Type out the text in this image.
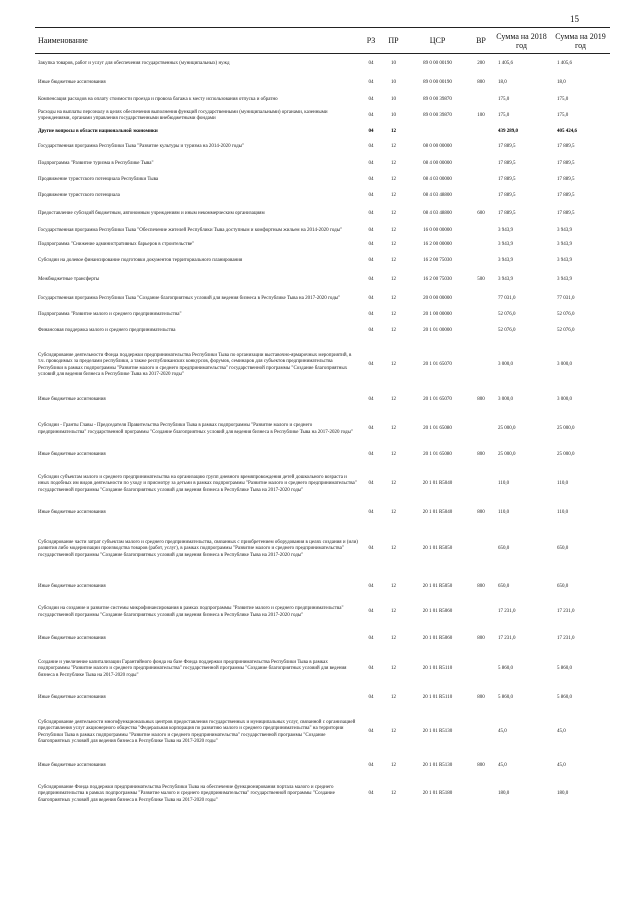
15
Наименование	РЗ	ПР	ЦСР	ВР	Сумма на 2018 год	Сумма на 2019 год
Закупка товаров, работ и услуг для обеспечения государственных (муниципальных) нужд	04	10	89 0 00 00190	200	1 405,6	1 405,6
Иные бюджетные ассигнования	04	10	89 0 00 00190	800	18,0	18,0
Компенсация расходов на оплату стоимости проезда и провоза багажа к месту использования отпуска и обратно	04	10	89 0 00 39870		175,0	175,0
Расходы на выплаты персоналу в целях обеспечения выполнения функций государственными (муниципальными) органами, казенными учреждениями, органами управления государственными внебюджетными фондами	04	10	89 0 00 39870	100	175,0	175,0
Другие вопросы в области национальной экономики	04	12			439 289,0	405 424,6
Государственная программа Республики Тыва "Развитие культуры и туризма на 2014-2020 годы"	04	12	08 0 00 00000		17 889,5	17 889,5
Подпрограмма "Развитие туризма в Республике Тыва"	04	12	08 4 00 00000		17 889,5	17 889,5
Продвижение туристского потенциала Республики Тыва	04	12	08 4 03 00000		17 889,5	17 889,5
Продвижение туристского потенциала	04	12	08 4 03 48800		17 889,5	17 889,5
Предоставление субсидий бюджетным, автономным учреждениям и иным некоммерческим организациям	04	12	08 4 03 48800	600	17 889,5	17 889,5
Государственная программа Республики Тыва "Обеспечение жителей Республики Тыва доступным и комфортным жильем на 2014-2020 годы"	04	12	16 0 00 00000		3 943,9	3 943,9
Подпрограмма "Снижение административных барьеров в строительстве"	04	12	16 2 00 00000		3 943,9	3 943,9
Субсидии на долевое финансирование подготовки документов территориального планирования	04	12	16 2 00 75030		3 943,9	3 943,9
Межбюджетные трансферты	04	12	16 2 00 75030	500	3 943,9	3 943,9
Государственная программа Республики Тыва "Создание благоприятных условий для ведения бизнеса в Республике Тыва на 2017-2020 годы"	04	12	20 0 00 00000		77 031,0	77 031,0
Подпрограмма "Развитие малого и среднего предпринимательства"	04	12	20 1 00 00000		52 076,0	52 076,0
Финансовая поддержка малого и среднего предпринимательства	04	12	20 1 01 00000		52 076,0	52 076,0
Субсидирование деятельности Фонда поддержки предпринимательства Республики Тыва по организации выставочно-ярмарочных мероприятий, в т.ч. проводимых за пределами республики, а также республиканских конкурсов, форумов, семинаров для субъектов предпринимательства Республики в рамках подпрограммы "Развитие малого и среднего предпринимательства" государственной программы "Создание благоприятных условий для ведения бизнеса в Республике Тыва на 2017-2020 годы"	04	12	20 1 01 65070		3 000,0	3 000,0
Иные бюджетные ассигнования	04	12	20 1 01 65070	800	3 000,0	3 000,0
Субсидии - Гранты Главы - Председателя Правительства Республики Тыва в рамках подпрограммы "Развитие малого и среднего предпринимательства" государственной программы "Создание благоприятных условий для ведения бизнеса в Республике Тыва на 2017-2020 годы"	04	12	20 1 01 65080		25 000,0	25 000,0
Иные бюджетные ассигнования	04	12	20 1 01 65080	800	25 000,0	25 000,0
Субсидии субъектам малого и среднего предпринимательства на организацию групп дневного времяпровождения детей дошкольного возраста и иных подобных им видов деятельности по уходу и присмотру за детьми в рамках подпрограммы "Развитие малого и среднего предпринимательства" государственной программы "Создание благоприятных условий для ведения бизнеса в Республике Тыва на 2017-2020 годы"	04	12	20 1 01 R5040		110,0	110,0
Иные бюджетные ассигнования	04	12	20 1 01 R5040	800	110,0	110,0
Субсидирование части затрат субъектам малого и среднего предпринимательства, связанных с приобретением оборудования в целях создания и (или) развития либо модернизации производства товаров (работ, услуг), в рамках подпрограммы "Развитие малого и среднего предпринимательства" государственной программы "Создание благоприятных условий для ведения бизнеса в Республике Тыва на 2017-2020 годы"	04	12	20 1 01 R5050		650,0	650,0
Иные бюджетные ассигнования	04	12	20 1 01 R5050	800	650,0	650,0
Субсидии на создание и развитие системы микрофинансирования в рамках подпрограммы "Развитие малого и среднего предпринимательства" государственной программы "Создание благоприятных условий для ведения бизнеса в Республике Тыва на 2017-2020 годы"	04	12	20 1 01 R5060		17 231,0	17 231,0
Иные бюджетные ассигнования	04	12	20 1 01 R5060	800	17 231,0	17 231,0
Создание и увеличение капитализации Гарантийного фонда на базе Фонда поддержки предпринимательства Республики Тыва в рамках подпрограммы "Развитие малого и среднего предпринимательства" государственной программы "Создание благоприятных условий для ведения бизнеса в Республике Тыва на 2017-2020 годы"	04	12	20 1 01 R5110		5 860,0	5 860,0
Иные бюджетные ассигнования	04	12	20 1 01 R5110	800	5 860,0	5 860,0
Субсидирование деятельности многофункциональных центров предоставления государственных и муниципальных услуг, связанной с организацией предоставления услуг акционерного общества "Федеральная корпорация по развитию малого и среднего предпринимательства" на территории Республики Тыва в рамках подпрограммы "Развитие малого и среднего предпринимательства" государственной программы "Создание благоприятных условий для ведения бизнеса в Республике Тыва на 2017-2020 годы"	04	12	20 1 01 R5130		45,0	45,0
Иные бюджетные ассигнования	04	12	20 1 01 R5130	800	45,0	45,0
Субсидирование Фонда поддержки предпринимательства Республики Тыва на обеспечение функционирования портала малого и среднего предпринимательства в рамках подпрограммы "Развитие малого и среднего предпринимательства" государственной программы "Создание благоприятных условий для ведения бизнеса в Республике Тыва на 2017-2020 годы"	04	12	20 1 01 R5180		180,0	180,0
